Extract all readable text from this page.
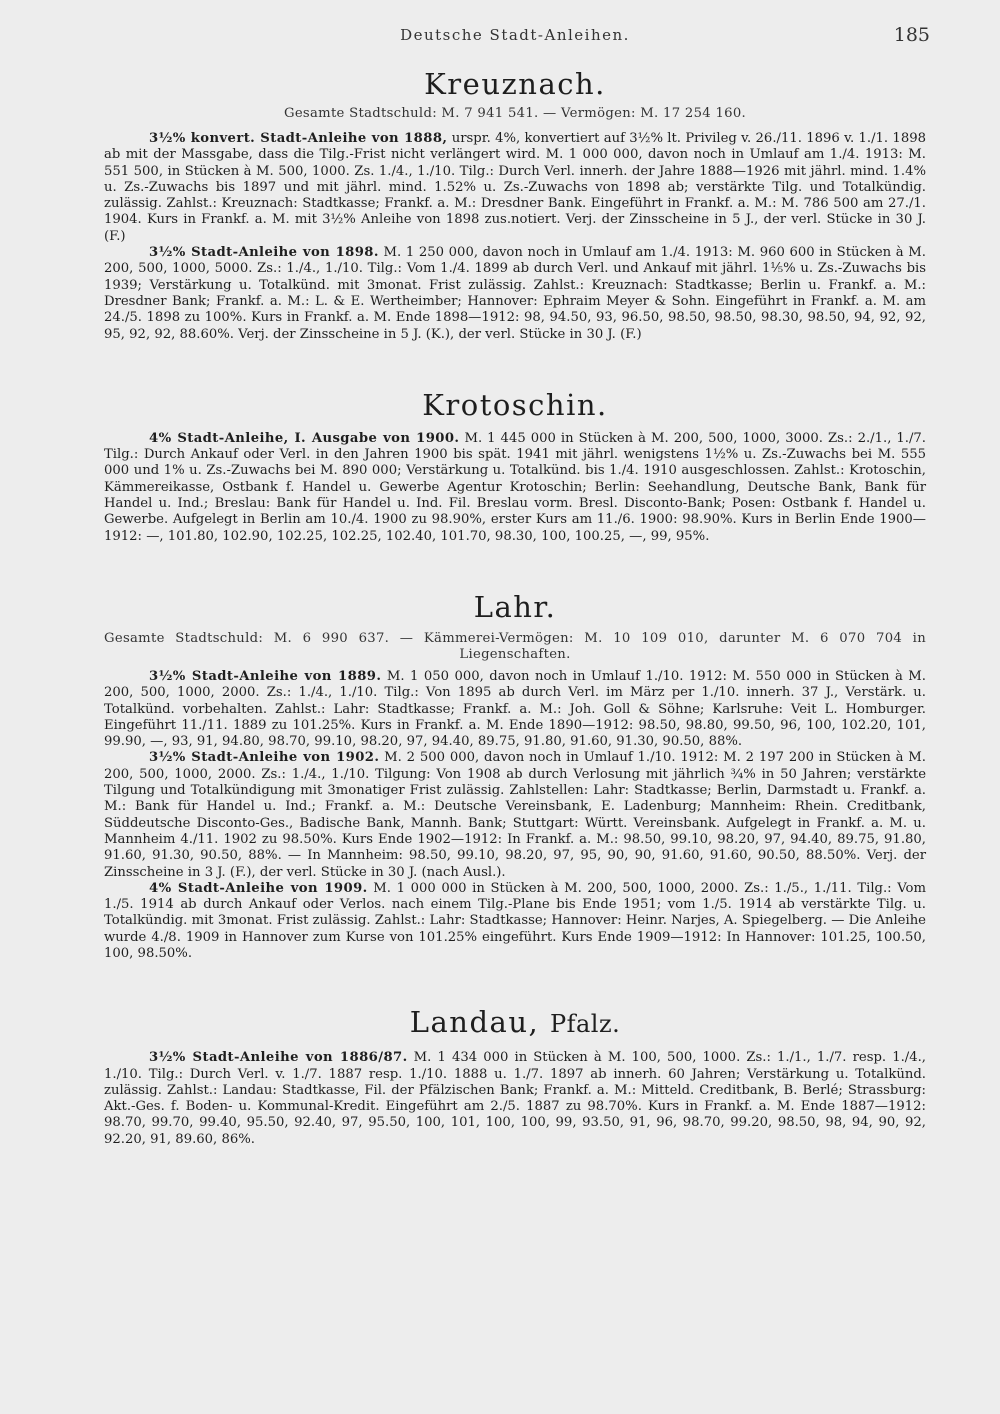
Deutsche Stadt-Anleihen.	185
Kreuznach.

Gesamte Stadtschuld: M. 7 941 541. — Vermögen: M. 17 254 160.

3½% konvert. Stadt-Anleihe von 1888, urspr. 4%, konvertiert auf 3½% lt. Privileg v. 26./11. 1896 v. 1./1. 1898 ab mit der Massgabe, dass die Tilg.-Frist nicht verlängert wird. M. 1 000 000, davon noch in Umlauf am 1./4. 1913: M. 551 500, in Stücken à M. 500, 1000. Zs. 1./4., 1./10. Tilg.: Durch Verl. innerh. der Jahre 1888—1926 mit jährl. mind. 1.4% u. Zs.-Zuwachs bis 1897 und mit jährl. mind. 1.52% u. Zs.-Zuwachs von 1898 ab; verstärkte Tilg. und Totalkündig. zulässig. Zahlst.: Kreuznach: Stadtkasse; Frankf. a. M.: Dresdner Bank. Eingeführt in Frankf. a. M.: M. 786 500 am 27./1. 1904. Kurs in Frankf. a. M. mit 3½% Anleihe von 1898 zus.notiert. Verj. der Zinsscheine in 5 J., der verl. Stücke in 30 J. (F.)

3½% Stadt-Anleihe von 1898. M. 1 250 000, davon noch in Umlauf am 1./4. 1913: M. 960 600 in Stücken à M. 200, 500, 1000, 5000. Zs.: 1./4., 1./10. Tilg.: Vom 1./4. 1899 ab durch Verl. und Ankauf mit jährl. 1⅕% u. Zs.-Zuwachs bis 1939; Verstärkung u. Totalkünd. mit 3monat. Frist zulässig. Zahlst.: Kreuznach: Stadtkasse; Berlin u. Frankf. a. M.: Dresdner Bank; Frankf. a. M.: L. & E. Wertheimber; Hannover: Ephraim Meyer & Sohn. Eingeführt in Frankf. a. M. am 24./5. 1898 zu 100%. Kurs in Frankf. a. M. Ende 1898—1912: 98, 94.50, 93, 96.50, 98.50, 98.50, 98.30, 98.50, 94, 92, 92, 95, 92, 92, 88.60%. Verj. der Zinsscheine in 5 J. (K.), der verl. Stücke in 30 J. (F.)

Krotoschin.

4% Stadt-Anleihe, I. Ausgabe von 1900. M. 1 445 000 in Stücken à M. 200, 500, 1000, 3000. Zs.: 2./1., 1./7. Tilg.: Durch Ankauf oder Verl. in den Jahren 1900 bis spät. 1941 mit jährl. wenigstens 1½% u. Zs.-Zuwachs bei M. 555 000 und 1% u. Zs.-Zuwachs bei M. 890 000; Verstärkung u. Totalkünd. bis 1./4. 1910 ausgeschlossen. Zahlst.: Krotoschin, Kämmereikasse, Ostbank f. Handel u. Gewerbe Agentur Krotoschin; Berlin: Seehandlung, Deutsche Bank, Bank für Handel u. Ind.; Breslau: Bank für Handel u. Ind. Fil. Breslau vorm. Bresl. Disconto-Bank; Posen: Ostbank f. Handel u. Gewerbe. Aufgelegt in Berlin am 10./4. 1900 zu 98.90%, erster Kurs am 11./6. 1900: 98.90%. Kurs in Berlin Ende 1900—1912: —, 101.80, 102.90, 102.25, 102.25, 102.40, 101.70, 98.30, 100, 100.25, —, 99, 95%.

Lahr.

Gesamte Stadtschuld: M. 6 990 637. — Kämmerei-Vermögen: M. 10 109 010, darunter M. 6 070 704 in Liegenschaften.

3½% Stadt-Anleihe von 1889. M. 1 050 000, davon noch in Umlauf 1./10. 1912: M. 550 000 in Stücken à M. 200, 500, 1000, 2000. Zs.: 1./4., 1./10. Tilg.: Von 1895 ab durch Verl. im März per 1./10. innerh. 37 J., Verstärk. u. Totalkünd. vorbehalten. Zahlst.: Lahr: Stadtkasse; Frankf. a. M.: Joh. Goll & Söhne; Karlsruhe: Veit L. Homburger. Eingeführt 11./11. 1889 zu 101.25%. Kurs in Frankf. a. M. Ende 1890—1912: 98.50, 98.80, 99.50, 96, 100, 102.20, 101, 99.90, —, 93, 91, 94.80, 98.70, 99.10, 98.20, 97, 94.40, 89.75, 91.80, 91.60, 91.30, 90.50, 88%.

3½% Stadt-Anleihe von 1902. M. 2 500 000, davon noch in Umlauf 1./10. 1912: M. 2 197 200 in Stücken à M. 200, 500, 1000, 2000. Zs.: 1./4., 1./10. Tilgung: Von 1908 ab durch Verlosung mit jährlich ¾% in 50 Jahren; verstärkte Tilgung und Totalkündigung mit 3monatiger Frist zulässig. Zahlstellen: Lahr: Stadtkasse; Berlin, Darmstadt u. Frankf. a. M.: Bank für Handel u. Ind.; Frankf. a. M.: Deutsche Vereinsbank, E. Ladenburg; Mannheim: Rhein. Creditbank, Süddeutsche Disconto-Ges., Badische Bank, Mannh. Bank; Stuttgart: Württ. Vereinsbank. Aufgelegt in Frankf. a. M. u. Mannheim 4./11. 1902 zu 98.50%. Kurs Ende 1902—1912: In Frankf. a. M.: 98.50, 99.10, 98.20, 97, 94.40, 89.75, 91.80, 91.60, 91.30, 90.50, 88%. — In Mannheim: 98.50, 99.10, 98.20, 97, 95, 90, 90, 91.60, 91.60, 90.50, 88.50%. Verj. der Zinsscheine in 3 J. (F.), der verl. Stücke in 30 J. (nach Ausl.).

4% Stadt-Anleihe von 1909. M. 1 000 000 in Stücken à M. 200, 500, 1000, 2000. Zs.: 1./5., 1./11. Tilg.: Vom 1./5. 1914 ab durch Ankauf oder Verlos. nach einem Tilg.-Plane bis Ende 1951; vom 1./5. 1914 ab verstärkte Tilg. u. Totalkündig. mit 3monat. Frist zulässig. Zahlst.: Lahr: Stadtkasse; Hannover: Heinr. Narjes, A. Spiegelberg. — Die Anleihe wurde 4./8. 1909 in Hannover zum Kurse von 101.25% eingeführt. Kurs Ende 1909—1912: In Hannover: 101.25, 100.50, 100, 98.50%.

Landau, Pfalz.

3½% Stadt-Anleihe von 1886/87. M. 1 434 000 in Stücken à M. 100, 500, 1000. Zs.: 1./1., 1./7. resp. 1./4., 1./10. Tilg.: Durch Verl. v. 1./7. 1887 resp. 1./10. 1888 u. 1./7. 1897 ab innerh. 60 Jahren; Verstärkung u. Totalkünd. zulässig. Zahlst.: Landau: Stadtkasse, Fil. der Pfälzischen Bank; Frankf. a. M.: Mitteld. Creditbank, B. Berlé; Strassburg: Akt.-Ges. f. Boden- u. Kommunal-Kredit. Eingeführt am 2./5. 1887 zu 98.70%. Kurs in Frankf. a. M. Ende 1887—1912: 98.70, 99.70, 99.40, 95.50, 92.40, 97, 95.50, 100, 101, 100, 100, 99, 93.50, 91, 96, 98.70, 99.20, 98.50, 98, 94, 90, 92, 92.20, 91, 89.60, 86%.
